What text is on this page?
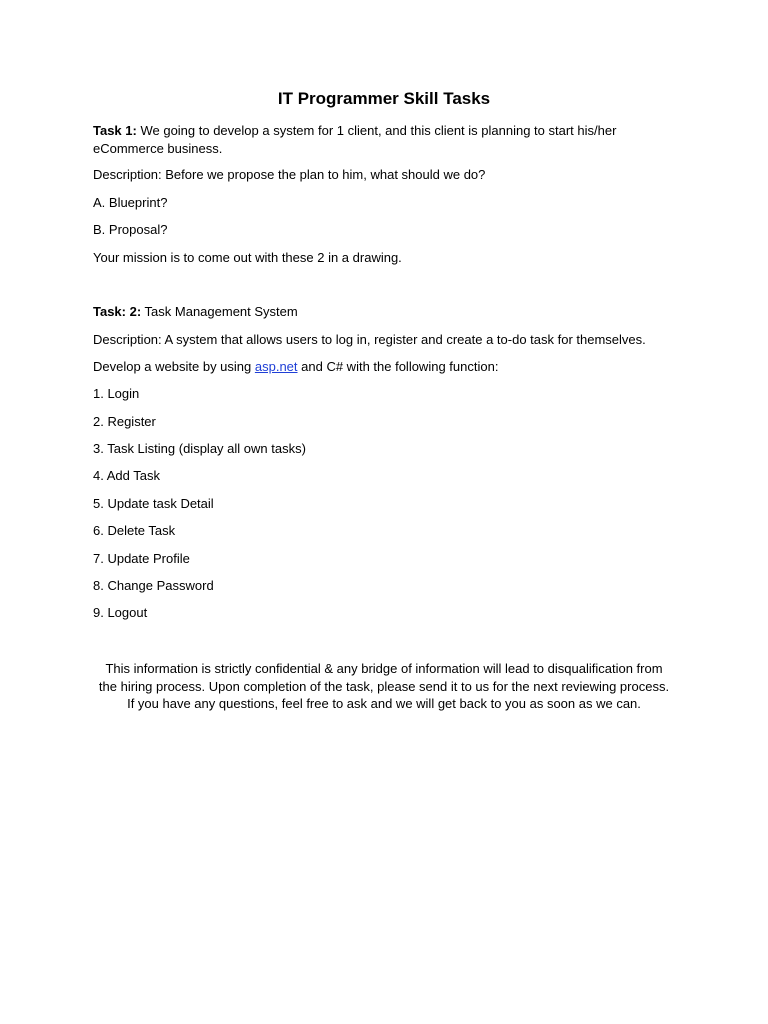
IT Programmer Skill Tasks
Task 1: We going to develop a system for 1 client, and this client is planning to start his/her eCommerce business.
Description: Before we propose the plan to him, what should we do?
A. Blueprint?
B. Proposal?
Your mission is to come out with these 2 in a drawing.
Task: 2: Task Management System
Description: A system that allows users to log in, register and create a to-do task for themselves.
Develop a website by using asp.net and C# with the following function:
1. Login
2. Register
3. Task Listing (display all own tasks)
4. Add Task
5. Update task Detail
6. Delete Task
7. Update Profile
8. Change Password
9. Logout
This information is strictly confidential & any bridge of information will lead to disqualification from
the hiring process. Upon completion of the task, please send it to us for the next reviewing process.
If you have any questions, feel free to ask and we will get back to you as soon as we can.
